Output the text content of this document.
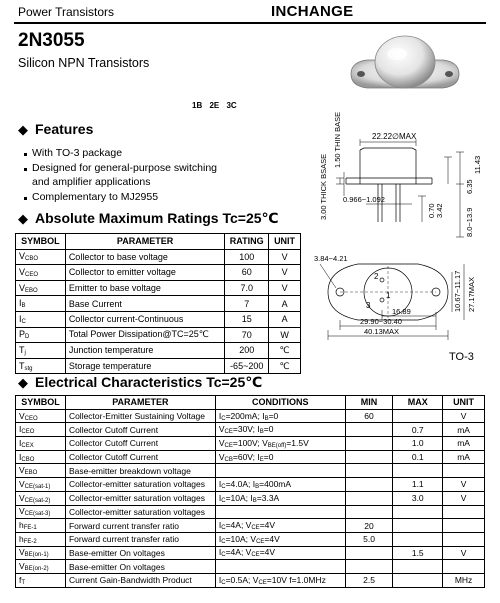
Power Transistors	INCHANGE
2N3055
Silicon NPN Transistors
1B 2E 3C
22.22∅MAX
3.00 THICK BSASE
1.50 THIN BASE
0.966~1.092
8.0~13.9
6.35
11.43
0.70 3.42
3.84~4.21
16.89
29.90~30.40
40.13MAX
10.67~11.17 27.17MAX
2
1
3
TO-3
◆ Features
With TO-3 package
Designed for general-purpose switching
and amplifier applications
Complementary to MJ2955
◆ Absolute Maximum Ratings Tc=25℃
SYMBOL	PARAMETER	RATING	UNIT
$V_{CBO}$	Collector to base voltage	100	V
$V_{CEO}$	Collector to emitter voltage	60	V
$V_{EBO}$	Emitter to base voltage	7.0	V
$I_B$	Base Current	7	A
$I_C$	Collector current-Continuous	15	A
$P_D$	Total Power Dissipation@TC=25℃	70	W
$T_j$	Junction temperature	200	℃
$T_{stg}$	Storage temperature	-65~200	℃
◆ Electrical Characteristics Tc=25℃
SYMBOL	PARAMETER	CONDITIONS	MIN	MAX	UNIT
$V_{CEO}$	Collector-Emitter Sustaining Voltage	$I_C=200mA$; $I_B=0$	60		V
$I_{CEO}$	Collector Cutoff Current	$V_{CE}=30V$; $I_B=0$		0.7	mA
$I_{CEX}$	Collector Cutoff Current	$V_{CE}=100V$; $V_{BE(off)}=1.5V$		1.0	mA
$I_{CBO}$	Collector Cutoff Current	$V_{CB}=60V$; $I_E=0$		0.1	mA
$V_{EBO}$	Base-emitter breakdown voltage				
$V_{CE(sat-1)}$	Collector-emitter saturation voltages	$I_C=4.0A$; $I_B=400mA$		1.1	V
$V_{CE(sat-2)}$	Collector-emitter saturation voltages	$I_C=10A$; $I_B=3.3A$		3.0	V
$V_{CE(sat-3)}$	Collector-emitter saturation voltages				
$h_{FE-1}$	Forward current transfer ratio	$I_C=4A$; $V_{CE}=4V$	20		
$h_{FE-2}$	Forward current transfer ratio	$I_C=10A$; $V_{CE}=4V$	5.0		
$V_{BE(on-1)}$	Base-emitter On voltages	$I_C=4A$; $V_{CE}=4V$		1.5	V
$V_{BE(on-2)}$	Base-emitter On voltages				
$f_T$	Current Gain-Bandwidth Product	$I_C=0.5A$; $V_{CE}=10V$ f=1.0MHz	2.5		MHz
